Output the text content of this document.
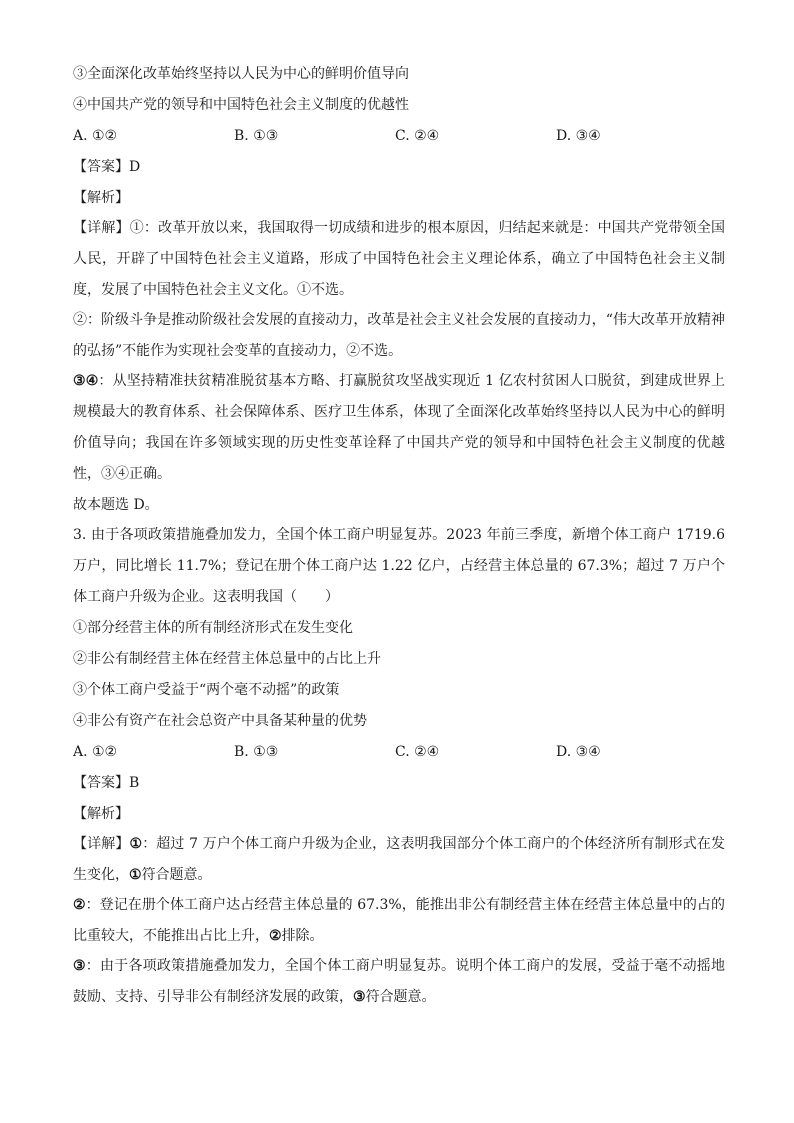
③全面深化改革始终坚持以人民为中心的鲜明价值导向
④中国共产党的领导和中国特色社会主义制度的优越性
A. ①②	B. ①③	C. ②④	D. ③④
【答案】D
【解析】
【详解】①：改革开放以来，我国取得一切成绩和进步的根本原因，归结起来就是：中国共产党带领全国人民，开辟了中国特色社会主义道路，形成了中国特色社会主义理论体系，确立了中国特色社会主义制度，发展了中国特色社会主义文化。①不选。
②：阶级斗争是推动阶级社会发展的直接动力，改革是社会主义社会发展的直接动力，“伟大改革开放精神的弘扬”不能作为实现社会变革的直接动力，②不选。
③④：从坚持精准扶贫精准脱贫基本方略、打赢脱贫攻坚战实现近 1 亿农村贫困人口脱贫，到建成世界上规模最大的教育体系、社会保障体系、医疗卫生体系，体现了全面深化改革始终坚持以人民为中心的鲜明价值导向；我国在许多领域实现的历史性变革诠释了中国共产党的领导和中国特色社会主义制度的优越性，③④正确。
故本题选 D。
3. 由于各项政策措施叠加发力，全国个体工商户明显复苏。2023 年前三季度，新增个体工商户 1719.6 万户，同比增长 11.7%；登记在册个体工商户达 1.22 亿户，占经营主体总量的 67.3%；超过 7 万户个体工商户升级为企业。这表明我国（　　）
①部分经营主体的所有制经济形式在发生变化
②非公有制经营主体在经营主体总量中的占比上升
③个体工商户受益于“两个毫不动摇”的政策
④非公有资产在社会总资产中具备某种量的优势
A. ①②	B. ①③	C. ②④	D. ③④
【答案】B
【解析】
【详解】①：超过 7 万户个体工商户升级为企业，这表明我国部分个体工商户的个体经济所有制形式在发生变化，①符合题意。
②：登记在册个体工商户达占经营主体总量的 67.3%，能推出非公有制经营主体在经营主体总量中的占的比重较大，不能推出占比上升，②排除。
③：由于各项政策措施叠加发力，全国个体工商户明显复苏。说明个体工商户的发展，受益于毫不动摇地鼓励、支持、引导非公有制经济发展的政策，③符合题意。
